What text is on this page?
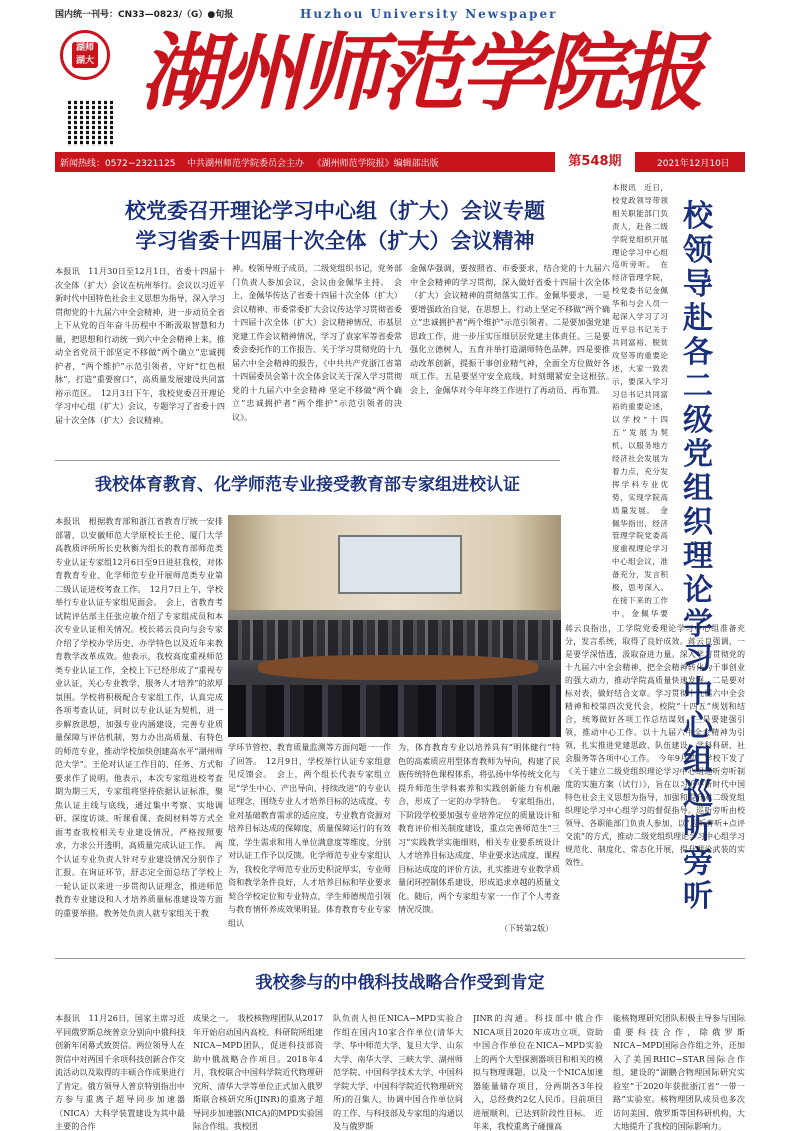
国内统一刊号：CN33—0823/（G）●旬报	Huzhou University Newspaper
湖师 湖大 湖州师范学院报
新闻热线：0572−2321125 中共湖州师范学院委员会主办 《湖州师范学院报》编辑部出版	第548期	2021年12月10日
校党委召开理论学习中心组（扩大）会议专题
学习省委十四届十次全体（扩大）会议精神
本报讯　11月30日至12月1日，省委十四届十次全体（扩大）会议在杭州举行。会议以习近平新时代中国特色社会主义思想为指导，深入学习贯彻党的十九届六中全会精神，进一步动员全省上下从党的百年奋斗历程中不断汲取智慧和力量，把思想和行动统一到六中全会精神上来，推动全省党员干部坚定不移做“两个确立”忠诚拥护者，“两个维护”示范引领者，守好“红色根脉”，打造“重要窗口”，高质量发展建设共同富裕示范区。　12月3日下午，我校党委召开理论学习中心组（扩大）会议，专题学习了省委十四届十次全体（扩大）会议精神。
神。校领导班子成员，二级党组织书记，党务部门负责人参加会议，会议由金佩华主持。　会上，金佩华传达了省委十四届十次全体（扩大）会议精神、市委常委扩大会议传达学习贯彻省委十四届十次全体（扩大）会议精神情况、市基层党建工作会议精神情况，学习了袁家军等省委常委会委托作的工作报告、关于学习贯彻党的十九届六中全会精神的报告，《中共共产党浙江省第十四届委员会第十次全体会议关于深入学习贯彻党的十九届六中全会精神 坚定不移做“两个确立”忠诚拥护者“两个维护”示范引领者的决议》。
金佩华强调，要按照省、市委要求，结合党的十九届六中全会精神的学习贯彻，深入做好省委十四届十次全体（扩大）会议精神的贯彻落实工作。金佩华要求，一是要增强政治自觉，在思想上、行动上坚定不移做“两个确立”忠诚拥护者“两个维护”示范引领者。二是要加强党建思政工作，进一步压实压细层层党建主体责任。三是要强化立德树人，五育并举打造湖师特色品牌。四是要推动改革创新，提振干事创业精气神，全面全方位做好各项工作。五是要坚守安全底线，时刻绷紧安全这根弦。　会上，金佩华对今年年终工作进行了再动员、再布置。
本报讯　近日，校党政领导带领相关职能部门负责人，赴各二级学院党组织开展理论学习中心组巡听旁听。　在经济管理学院，校党委书记金佩华和与会人员一起深入学习了习近平总书记关于共同富裕、脱贫攻坚等的重要论述，大家一致表示，要深入学习习总书记共同富裕的重要论述，以学校“十四五”发展为契机，以服务地方经济社会发展为着力点，充分发挥学科专业优势，实现学院高质量发展。　金佩华指出，经济管理学院党委高度重视理论学习中心组会议，准备充分，发言积极，思考深入。在接下来的工作中，金佩华要　
校领导赴各二级党组织理论学习中心组巡听旁听
蒋云良指出，工学院党委理论学习中心组准备充分，发言系统，取得了良好成效。蒋云良强调，一是要学深悟透，汲取奋进力量。深入学习贯彻党的十九届六中全会精神，把全会精神转化为干事创业的强大动力，推动学院高质量快速发展。二是要对标对表，做好结合文章。学习贯彻十九届六中全会精神和校第四次党代会，校院“十四五”规划和结合，统筹做好各项工作总结谋划。三是要建强引领，推动中心工作。以十九届六中全会精神为引领，扎实推进党建思政、队伍建设、学科科研、社会服务等各项中心工作。　今年9月初，学校下发了《关于建立二级党组织理论学习中心组巡听旁听制度的实施方案（试行）》，旨在以习近平新时代中国特色社会主义思想为指导，加强和提升对二级党组织理论学习中心组学习的督促指导。巡听旁听由校领导、各职能部门负责人参加，以“巡听旁听+点评交流”的方式，推动二级党组织理论学习中心组学习规范化、制度化、常态化开展，提升理论武装的实效性。
我校体育教育、化学师范专业接受教育部专家组进校认证
本报讯　根据教育部和浙江省教育厅统一安排部署，以安徽师范大学原校长王伦、厦门大学高教质评所所长史秋衡为组长的教育部师范类专业认证专家组12月6日至9日进驻我校，对体育教育专业、化学师范专业开展师范类专业第二级认证进校考查工作。　12月7日上午，学校举行专业认证专家组见面会。　会上，省教育考试院评估部主任张应敏介绍了专家组成员和本次专业认证相关情况。校长蒋云良向与会专家介绍了学校办学历史、办学特色以及近年来教育教学改革成效。他表示，我校高度重视师范类专业认证工作，全校上下已经形成了“重视专业认证，关心专业教学，服务人才培养”的浓厚氛围。学校将积极配合专家组工作，认真完成各项考查认证，同时以专业认证为契机，进一步解放思想，加强专业内涵建设，完善专业质量保障与评估机制，努力办出高质量、有特色的师范专业，推动学校加快创建高水平“湖州师范大学”。王伦对认证工作目的、任务、方式和要求作了说明。他表示，本次专家组进校考查期为期三天，专家组将坚持依据认证标准，聚焦认证主线与底线，通过集中考察、实地调研、深度访谈、听课看课、查阅材料等方式全面考查我校相关专业建设情况，严格按照要求，力求公开透明，高质量完成认证工作。　两个认证专业负责人针对专业建设情况分别作了汇报。在询证环节，舒志定全面总结了学校上一轮认证以来进一步贯彻认证理念，推进师范教育专业建设和人才培养质量标准建设等方面的重要举措。教务处负责人就专家组关于教
学环节管控、教育质量监测等方面问题一一作了回答。　12月9日，学校举行认证专家组意见反馈会。　会上，两个组长代表专家组立足“学生中心、产出导向、持续改进”的专业认证理念，围绕专业人才培养目标的达成度，专业对基础教育需求的适应度，专业教育资源对培养目标达成的保障度，质量保障运行的有效度，学生需求和用人单位满意度等维度，分别对认证工作予以反馈。化学师范专业专家组认为，我校化学师范专业历史积淀厚实，专业师资和教学条件良好，人才培养目标和毕业要求契合学校定位和专业特点，学生师德规范引领与教育情怀养成效果明显。体育教育专业专家组认
为，体育教育专业以培养具有“明体健行”特色的高素质应用型体育教师为导向，构建了民族传统特色课程体系，将弘扬中华传统文化与提升师范生学科素养和实践创新能力有机融合，形成了一定的办学特色。　专家组指出，下阶段学校要加强专业培养定位的质量设计和教育评价相关制度建设，重点完善师范生“三习”实践教学实施细则，相关专业要系统设计人才培养目标达成度、毕业要求达成度、课程目标达成度的评价方法，扎实推进专业教学质量闭环控制体系建设，形成追求卓越的质量文化。随后，两个专家组专家一一作了个人考查情况反馈。
（下转第2版）
我校参与的中俄科技战略合作受到肯定
本报讯　11月26日，国家主席习近平同俄罗斯总统普京分别向中俄科技创新年闭幕式致贺信。两位领导人在贺信中对两国千余项科技创新合作交流活动以及取得的丰硕合作成果进行了肯定。俄方领导人普京特别指出中方参与重离子超导同步加速器（NICA）大科学装置建设为其中最主要的合作
成果之一。　我校核物理团队从2017年开始启动国内高校、科研院所组建NICA−MPD团队，促进科技部资助中俄战略合作项目。2018年4月，我校联合中国科学院近代物理研究所、清华大学等单位正式加入俄罗斯联合核研究所(JINR)的重离子超导同步加速器(NICA)的MPD实验国际合作组。我校团
队负责人担任NICA−MPD实验合作组在国内10家合作单位(清华大学、华中师范大学、复旦大学、山东大学、南华大学、三峡大学、湖州师范学院、中国科学技术大学、中国科学院大学、中国科学院近代物理研究所)的召集人，协调中国合作单位间的工作、与科技部及专家组的沟通以及与俄罗斯
JINR的沟通。科技部中俄合作NICA项目2020年成功立项，资助中国合作单位在NICA−MPD实验上的两个大型探测器项目和相关的模拟与物理课题，以及一个NICA加速器能量储存项目，分两期各3年投入，总经费约2亿人民币。目前项目进展顺利，已达到阶段性目标。　近年来，我校重离子碰撞高
能核物理研究团队积极主导参与国际重要科技合作，除俄罗斯NICA−MPD国际合作组之外，还加入了美国RHIC−STAR国际合作组，建设的“湖鹏合物理国际研究实验室”于2020年获批浙江省“一带一路”实验室。核物理团队成员也多次访问美国、俄罗斯等国科研机构，大大地提升了我校的国际影响力。
